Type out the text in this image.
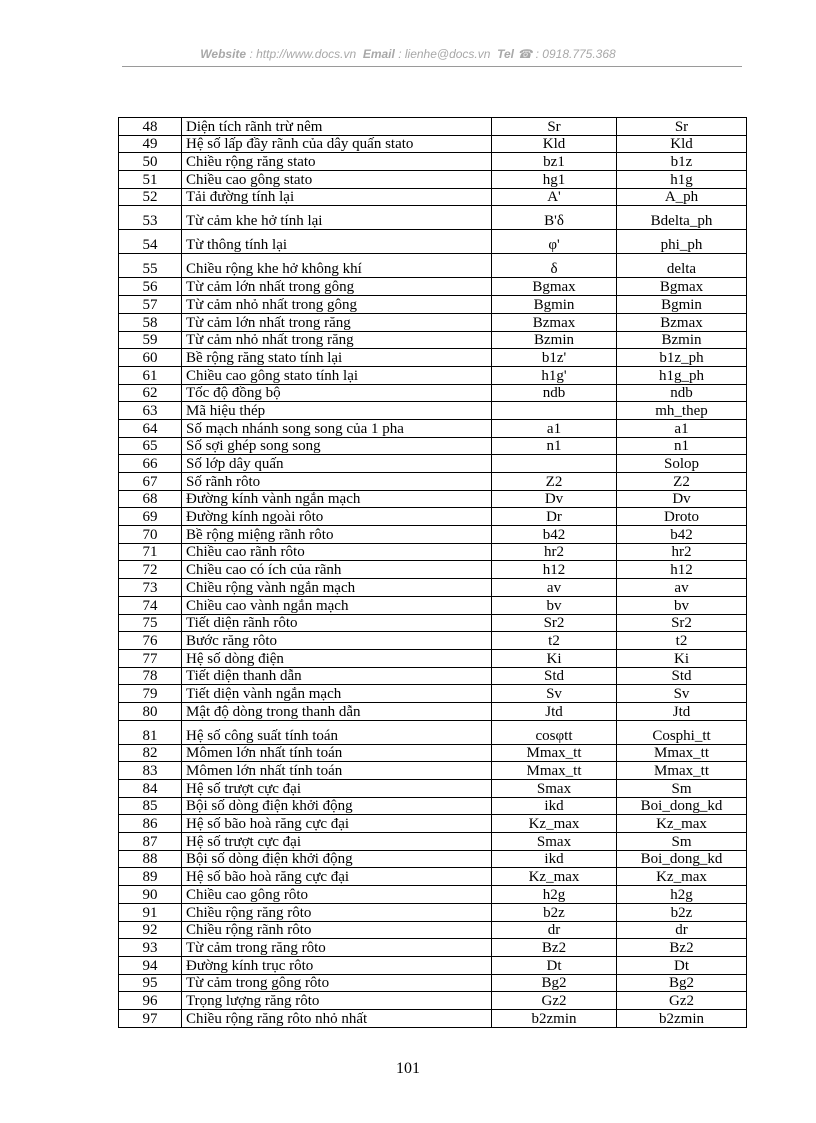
Website : http://www.docs.vn Email : lienhe@docs.vn Tel ☎ : 0918.775.368
48	Diện tích rãnh trừ nêm	Sr	Sr
49	Hệ số lấp đầy rãnh của dây quấn stato	Kld	Kld
50	Chiều rộng răng stato	bz1	b1z
51	Chiều cao gông stato	hg1	h1g
52	Tải đường tính lại	A'	A_ph
53	Từ cảm khe hở tính lại	B'δ	Bdelta_ph
54	Từ thông tính lại	φ'	phi_ph
55	Chiều rộng khe hở không khí	δ	delta
56	Từ cảm lớn nhất trong gông	Bgmax	Bgmax
57	Từ cảm nhỏ nhất trong gông	Bgmin	Bgmin
58	Từ cảm lớn nhất trong răng	Bzmax	Bzmax
59	Từ cảm nhỏ nhất trong răng	Bzmin	Bzmin
60	Bề rộng răng stato tính lại	b1z'	b1z_ph
61	Chiều cao gông stato tính lại	h1g'	h1g_ph
62	Tốc độ đồng bộ	ndb	ndb
63	Mã hiệu thép		mh_thep
64	Số mạch nhánh song song của 1 pha	a1	a1
65	Số sợi ghép song song	n1	n1
66	Số lớp dây quấn		Solop
67	Số rãnh rôto	Z2	Z2
68	Đường kính vành ngắn mạch	Dv	Dv
69	Đường kính ngoài rôto	Dr	Droto
70	Bề rộng miệng rãnh rôto	b42	b42
71	Chiều cao rãnh rôto	hr2	hr2
72	Chiều cao có ích của rãnh	h12	h12
73	Chiều rộng vành ngắn mạch	av	av
74	Chiều cao vành ngắn mạch	bv	bv
75	Tiết diện rãnh rôto	Sr2	Sr2
76	Bước răng rôto	t2	t2
77	Hệ số dòng điện	Ki	Ki
78	Tiết diện thanh dẫn	Std	Std
79	Tiết diện vành ngắn mạch	Sv	Sv
80	Mật độ dòng trong thanh dẫn	Jtd	Jtd
81	Hệ số công suất tính toán	cosφtt	Cosphi_tt
82	Mômen lớn nhất tính toán	Mmax_tt	Mmax_tt
83	Mômen lớn nhất tính toán	Mmax_tt	Mmax_tt
84	Hệ số trượt cực đại	Smax	Sm
85	Bội số dòng điện khởi động	ikd	Boi_dong_kd
86	Hệ số bão hoà răng cực đại	Kz_max	Kz_max
87	Hệ số trượt cực đại	Smax	Sm
88	Bội số dòng điện khởi động	ikd	Boi_dong_kd
89	Hệ số bão hoà răng cực đại	Kz_max	Kz_max
90	Chiều cao gông rôto	h2g	h2g
91	Chiều rộng răng rôto	b2z	b2z
92	Chiều rộng rãnh rôto	dr	dr
93	Từ cảm trong răng rôto	Bz2	Bz2
94	Đường kính trục rôto	Dt	Dt
95	Từ cảm trong gông rôto	Bg2	Bg2
96	Trọng lượng răng rôto	Gz2	Gz2
97	Chiều rộng răng rôto nhỏ nhất	b2zmin	b2zmin
101
